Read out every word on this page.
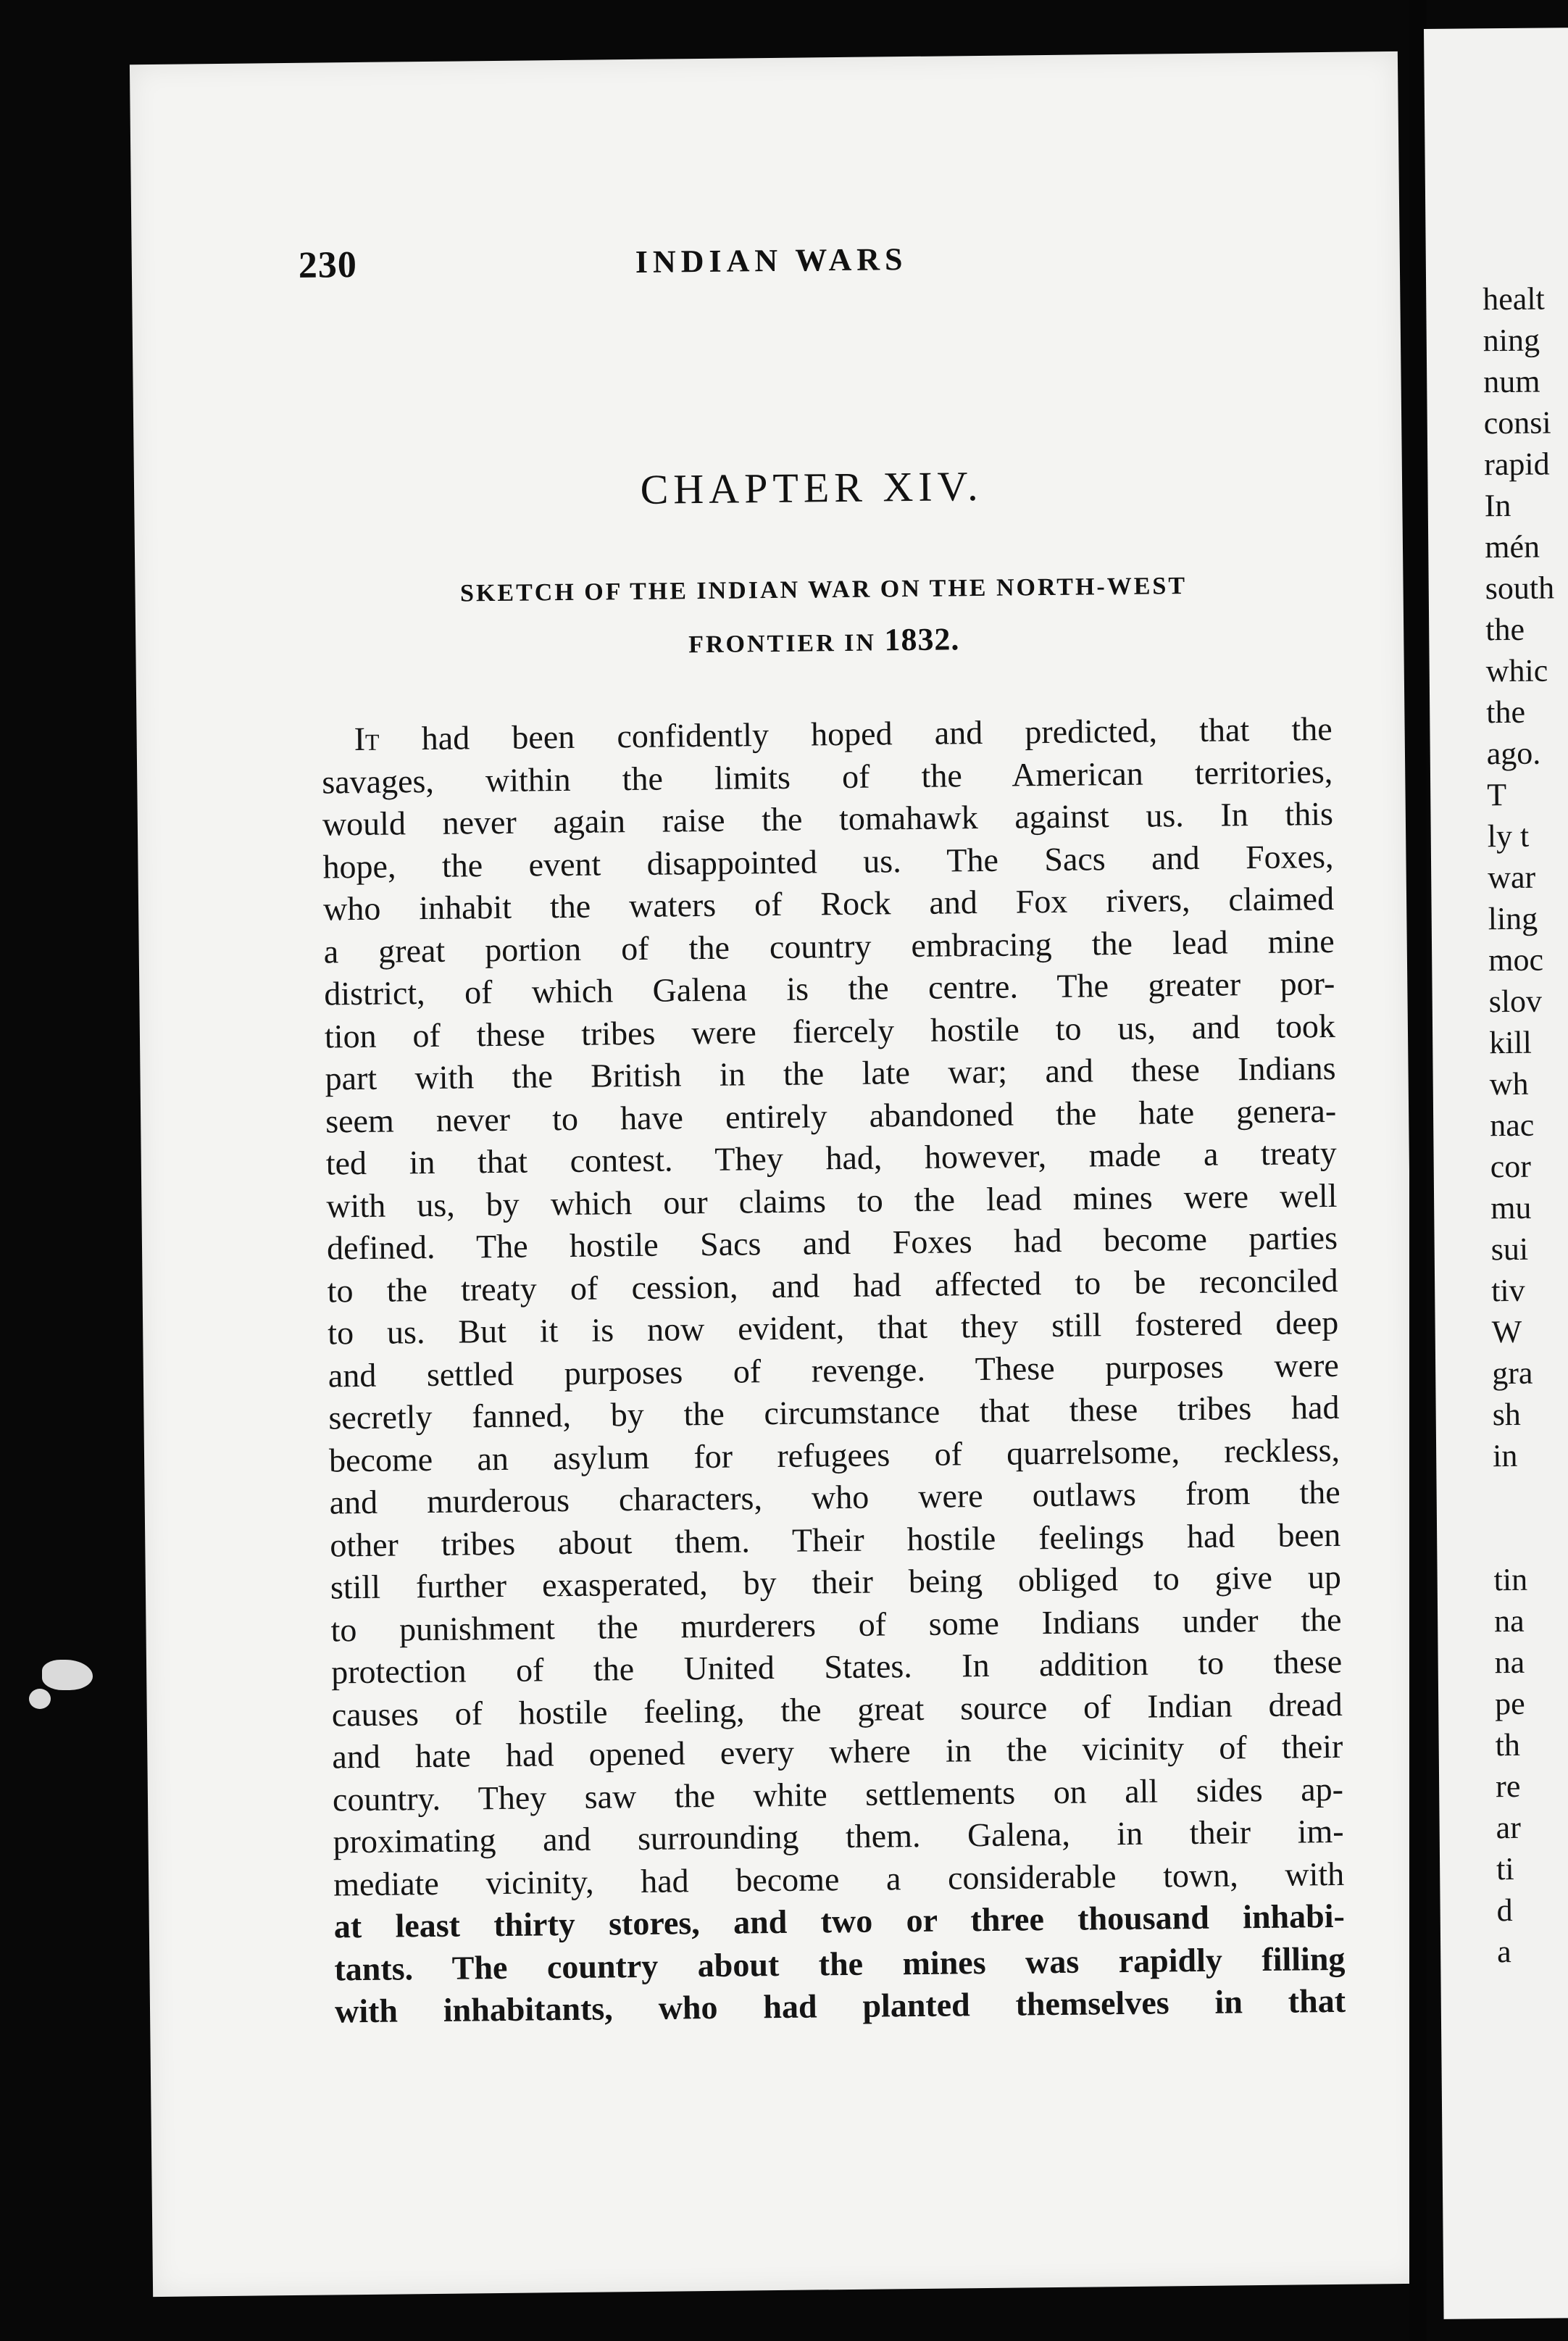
230	INDIAN WARS
CHAPTER XIV.
SKETCH OF THE INDIAN WAR ON THE NORTH-WEST
FRONTIER IN 1832.
It had been confidently hoped and predicted, that the
savages, within the limits of the American territories,
would never again raise the tomahawk against us. In this
hope, the event disappointed us. The Sacs and Foxes,
who inhabit the waters of Rock and Fox rivers, claimed
a great portion of the country embracing the lead mine
district, of which Galena is the centre. The greater por-
tion of these tribes were fiercely hostile to us, and took
part with the British in the late war; and these Indians
seem never to have entirely abandoned the hate genera-
ted in that contest. They had, however, made a treaty
with us, by which our claims to the lead mines were well
defined. The hostile Sacs and Foxes had become parties
to the treaty of cession, and had affected to be reconciled
to us. But it is now evident, that they still fostered deep
and settled purposes of revenge. These purposes were
secretly fanned, by the circumstance that these tribes had
become an asylum for refugees of quarrelsome, reckless,
and murderous characters, who were outlaws from the
other tribes about them. Their hostile feelings had been
still further exasperated, by their being obliged to give up
to punishment the murderers of some Indians under the
protection of the United States. In addition to these
causes of hostile feeling, the great source of Indian dread
and hate had opened every where in the vicinity of their
country. They saw the white settlements on all sides ap-
proximating and surrounding them. Galena, in their im-
mediate vicinity, had become a considerable town, with
at least thirty stores, and two or three thousand inhabi-
tants. The country about the mines was rapidly filling
with inhabitants, who had planted themselves in that
healt
ning
num
consi
rapid
In
mén
south
the
whic
the
ago.
T
ly t
war
ling
moc
slov
kill
wh
nac
cor
mu
sui
tiv
W
gra
sh
in
tin
na
na
pe
th
re
ar
ti
d
a
